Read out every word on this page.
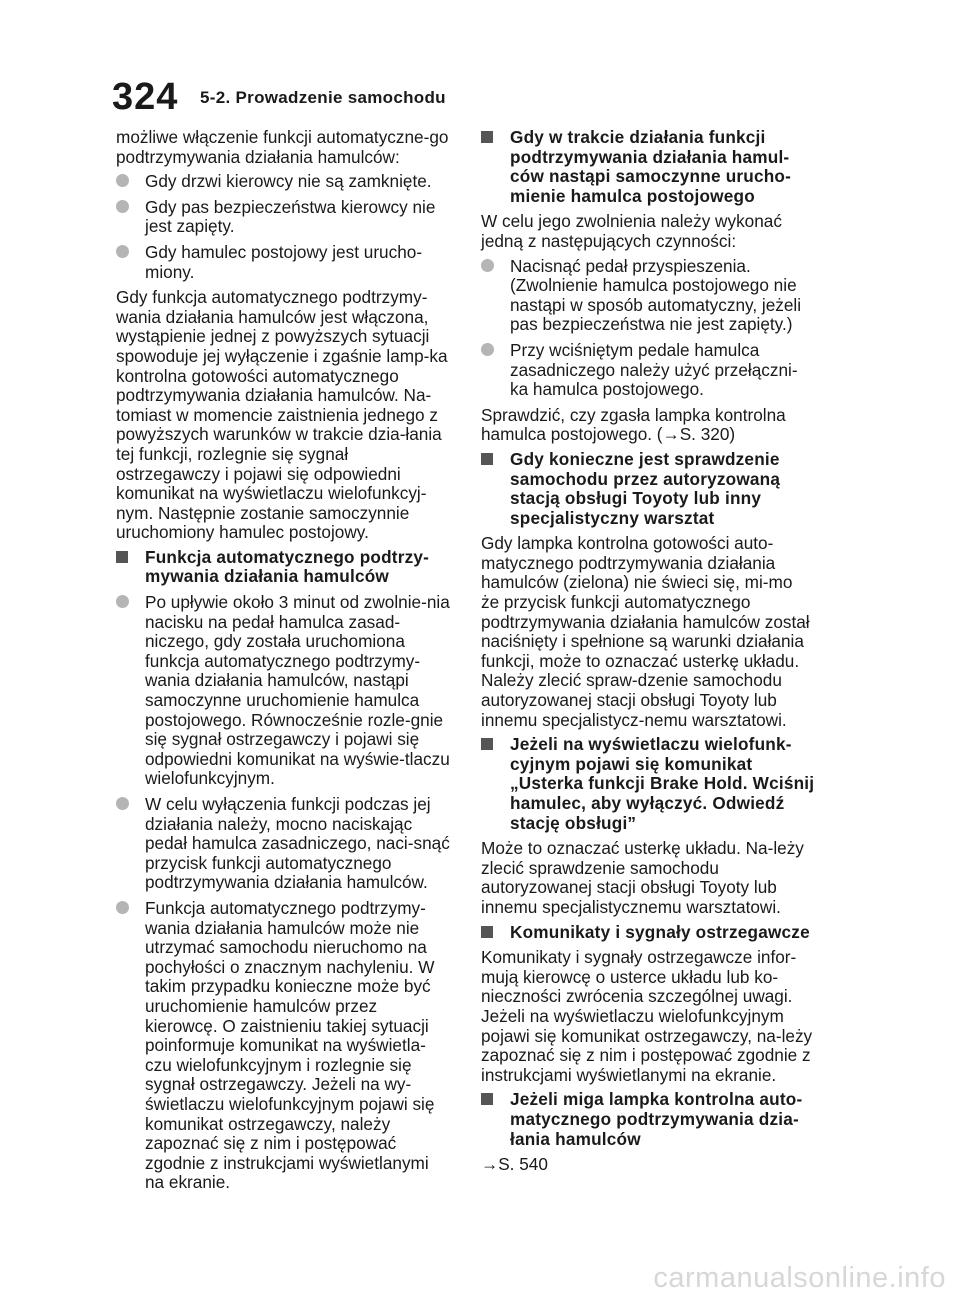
324 5-2. Prowadzenie samochodu

możliwe włączenie funkcji automatyczne-go podtrzymywania działania hamulców:

Gdy drzwi kierowcy nie są zamknięte.
Gdy pas bezpieczeństwa kierowcy nie jest zapięty.
Gdy hamulec postojowy jest urucho-miony.

Gdy funkcja automatycznego podtrzymy-wania działania hamulców jest włączona, wystąpienie jednej z powyższych sytuacji spowoduje jej wyłączenie i zgaśnie lamp-ka kontrolna gotowości automatycznego podtrzymywania działania hamulców. Na-tomiast w momencie zaistnienia jednego z powyższych warunków w trakcie dzia-łania tej funkcji, rozlegnie się sygnał ostrzegawczy i pojawi się odpowiedni komunikat na wyświetlaczu wielofunkcyj-nym. Następnie zostanie samoczynnie uruchomiony hamulec postojowy.

Funkcja automatycznego podtrzy-mywania działania hamulców
Po upływie około 3 minut od zwolnie-nia nacisku na pedał hamulca zasad-niczego, gdy została uruchomiona funkcja automatycznego podtrzymy-wania działania hamulców, nastąpi samoczynne uruchomienie hamulca postojowego. Równocześnie rozle-gnie się sygnał ostrzegawczy i pojawi się odpowiedni komunikat na wyświe-tlaczu wielofunkcyjnym.
W celu wyłączenia funkcji podczas jej działania należy, mocno naciskając pedał hamulca zasadniczego, naci-snąć przycisk funkcji automatycznego podtrzymywania działania hamulców.
Funkcja automatycznego podtrzymy-wania działania hamulców może nie utrzymać samochodu nieruchomo na pochyłości o znacznym nachyleniu. W takim przypadku konieczne może być uruchomienie hamulców przez kierowcę. O zaistnieniu takiej sytuacji poinformuje komunikat na wyświetla-czu wielofunkcyjnym i rozlegnie się sygnał ostrzegawczy. Jeżeli na wy-świetlaczu wielofunkcyjnym pojawi się komunikat ostrzegawczy, należy zapoznać się z nim i postępować zgodnie z instrukcjami wyświetlanymi na ekranie.
Gdy w trakcie działania funkcji podtrzymywania działania hamul-ców nastąpi samoczynne urucho-mienie hamulca postojowego

W celu jego zwolnienia należy wykonać jedną z następujących czynności:

Nacisnąć pedał przyspieszenia. (Zwolnienie hamulca postojowego nie nastąpi w sposób automatyczny, jeżeli pas bezpieczeństwa nie jest zapięty.)
Przy wciśniętym pedale hamulca zasadniczego należy użyć przełączni-ka hamulca postojowego.

Sprawdzić, czy zgasła lampka kontrolna hamulca postojowego. (→S. 320)

Gdy konieczne jest sprawdzenie samochodu przez autoryzowaną stacją obsługi Toyoty lub inny specjalistyczny warsztat

Gdy lampka kontrolna gotowości auto-matycznego podtrzymywania działania hamulców (zielona) nie świeci się, mi-mo że przycisk funkcji automatycznego podtrzymywania działania hamulców został naciśnięty i spełnione są warunki działania funkcji, może to oznaczać usterkę układu. Należy zlecić spraw-dzenie samochodu autoryzowanej stacji obsługi Toyoty lub innemu specjalistycz-nemu warsztatowi.

Jeżeli na wyświetlaczu wielofunk-cyjnym pojawi się komunikat „Usterka funkcji Brake Hold. Wciśnij hamulec, aby wyłączyć. Odwiedź stację obsługi”

Może to oznaczać usterkę układu. Na-leży zlecić sprawdzenie samochodu autoryzowanej stacji obsługi Toyoty lub innemu specjalistycznemu warsztatowi.

Komunikaty i sygnały ostrzegawcze

Komunikaty i sygnały ostrzegawcze infor-mują kierowcę o usterce układu lub ko-nieczności zwrócenia szczególnej uwagi. Jeżeli na wyświetlaczu wielofunkcyjnym pojawi się komunikat ostrzegawczy, na-leży zapoznać się z nim i postępować zgodnie z instrukcjami wyświetlanymi na ekranie.

Jeżeli miga lampka kontrolna auto-matycznego podtrzymywania dzia-łania hamulców

→S. 540

carmanualsonline.info
